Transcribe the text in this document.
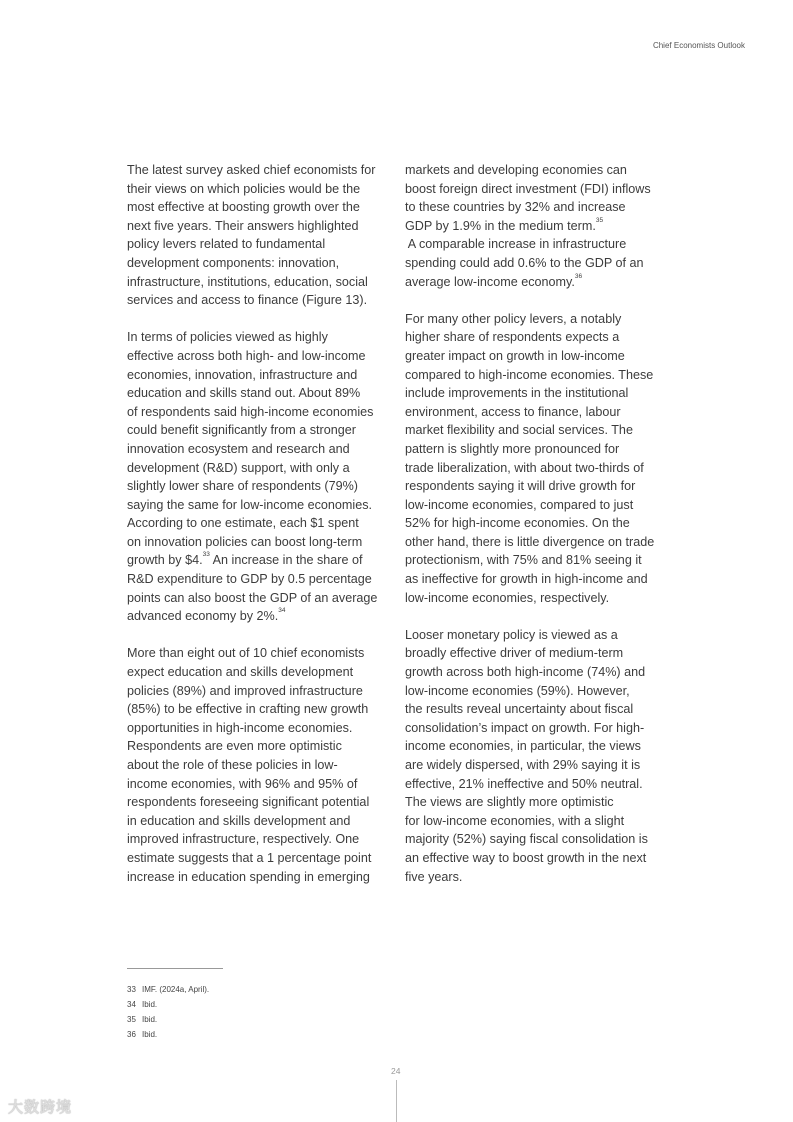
Chief Economists Outlook
The latest survey asked chief economists for
their views on which policies would be the
most effective at boosting growth over the
next five years. Their answers highlighted
policy levers related to fundamental
development components: innovation,
infrastructure, institutions, education, social
services and access to finance (Figure 13).
In terms of policies viewed as highly
effective across both high- and low-income
economies, innovation, infrastructure and
education and skills stand out. About 89%
of respondents said high-income economies
could benefit significantly from a stronger
innovation ecosystem and research and
development (R&D) support, with only a
slightly lower share of respondents (79%)
saying the same for low-income economies.
According to one estimate, each $1 spent
on innovation policies can boost long-term
growth by $4.33 An increase in the share of
R&D expenditure to GDP by 0.5 percentage
points can also boost the GDP of an average
advanced economy by 2%.$^{34}$
More than eight out of 10 chief economists
expect education and skills development
policies (89%) and improved infrastructure
(85%) to be effective in crafting new growth
opportunities in high-income economies.
Respondents are even more optimistic
about the role of these policies in low-
income economies, with 96% and 95% of
respondents foreseeing significant potential
in education and skills development and
improved infrastructure, respectively. One
estimate suggests that a 1 percentage point
increase in education spending in emerging
markets and developing economies can
boost foreign direct investment (FDI) inflows
to these countries by 32% and increase
GDP by 1.9% in the medium term.$^{35}$
A comparable increase in infrastructure
spending could add 0.6% to the GDP of an
average low-income economy.$^{36}$
For many other policy levers, a notably
higher share of respondents expects a
greater impact on growth in low-income
compared to high-income economies. These
include improvements in the institutional
environment, access to finance, labour
market flexibility and social services. The
pattern is slightly more pronounced for
trade liberalization, with about two-thirds of
respondents saying it will drive growth for
low-income economies, compared to just
52% for high-income economies. On the
other hand, there is little divergence on trade
protectionism, with 75% and 81% seeing it
as ineffective for growth in high-income and
low-income economies, respectively.
Looser monetary policy is viewed as a
broadly effective driver of medium-term
growth across both high-income (74%) and
low-income economies (59%). However,
the results reveal uncertainty about fiscal
consolidation’s impact on growth. For high-
income economies, in particular, the views
are widely dispersed, with 29% saying it is
effective, 21% ineffective and 50% neutral.
The views are slightly more optimistic
for low-income economies, with a slight
majority (52%) saying fiscal consolidation is
an effective way to boost growth in the next
five years.
33 IMF. (2024a, April).
34 Ibid.
35 Ibid.
36 Ibid.
24
大数跨境
